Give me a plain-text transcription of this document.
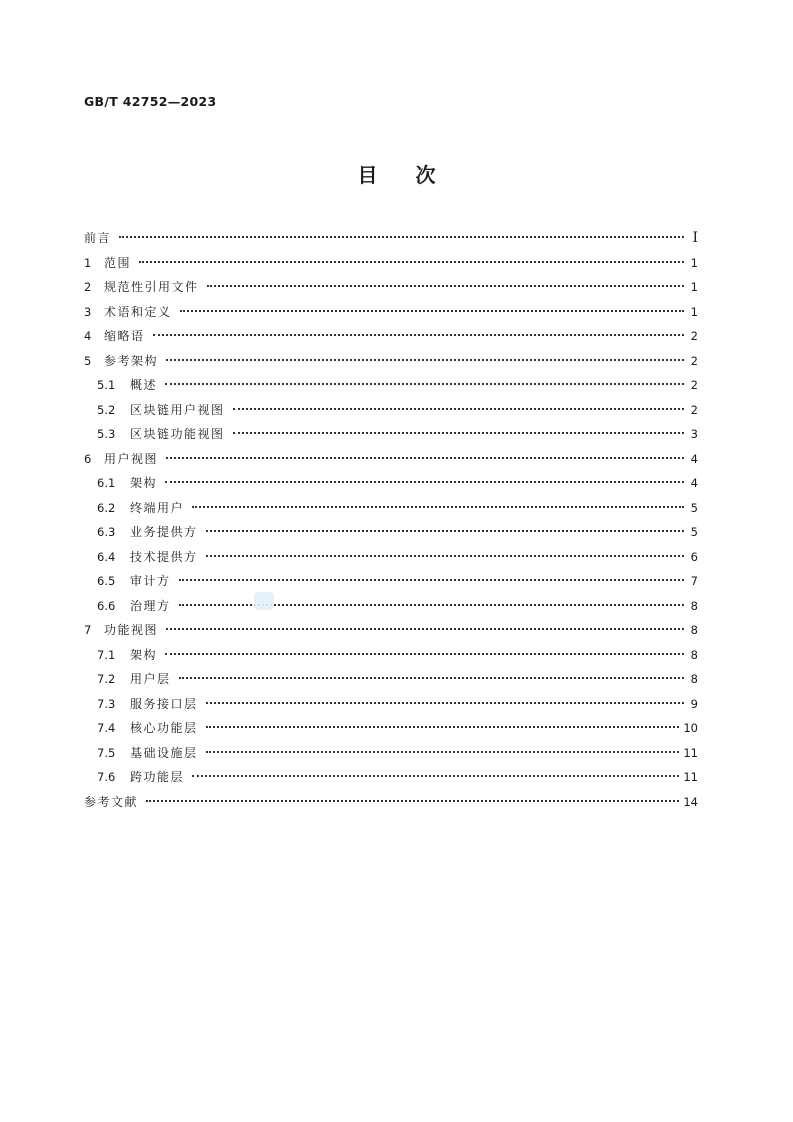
GB/T 42752—2023
目次
前言	I
1	范围	1
2	规范性引用文件	1
3	术语和定义	1
4	缩略语	2
5	参考架构	2
5.1	概述	2
5.2	区块链用户视图	2
5.3	区块链功能视图	3
6	用户视图	4
6.1	架构	4
6.2	终端用户	5
6.3	业务提供方	5
6.4	技术提供方	6
6.5	审计方	7
6.6	治理方	8
7	功能视图	8
7.1	架构	8
7.2	用户层	8
7.3	服务接口层	9
7.4	核心功能层	10
7.5	基础设施层	11
7.6	跨功能层	11
参考文献	14
